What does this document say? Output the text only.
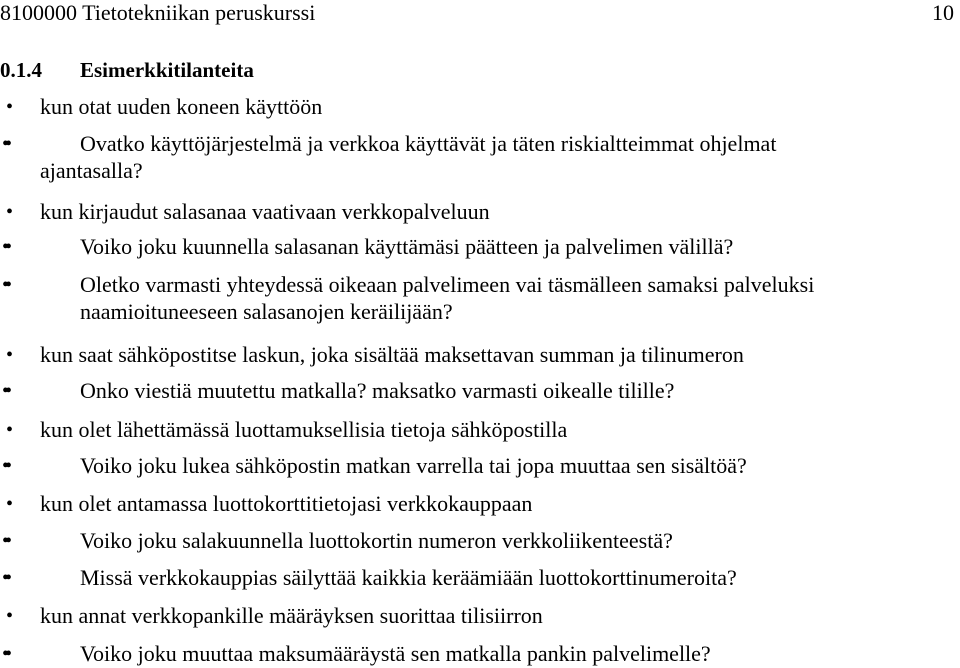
8100000 Tietotekniikan peruskurssi	10
0.1.4 Esimerkkitilanteita
• kun otat uuden koneen käyttöön
••	Ovatko käyttöjärjestelmä ja verkkoa käyttävät ja täten riskialtteimmat ohjelmat
ajantasalla?
• kun kirjaudut salasanaa vaativaan verkkopalveluun
••	Voiko joku kuunnella salasanan käyttämäsi päätteen ja palvelimen välillä?
••	Oletko varmasti yhteydessä oikeaan palvelimeen vai täsmälleen samaksi palveluksi
naamioituneeseen salasanojen keräilijään?
• kun saat sähköpostitse laskun, joka sisältää maksettavan summan ja tilinumeron
••	Onko viestiä muutettu matkalla? maksatko varmasti oikealle tilille?
• kun olet lähettämässä luottamuksellisia tietoja sähköpostilla
••	Voiko joku lukea sähköpostin matkan varrella tai jopa muuttaa sen sisältöä?
• kun olet antamassa luottokorttitietojasi verkkokauppaan
••	Voiko joku salakuunnella luottokortin numeron verkkoliikenteestä?
••	Missä verkkokauppias säilyttää kaikkia keräämiään luottokorttinumeroita?
• kun annat verkkopankille määräyksen suorittaa tilisiirron
••	Voiko joku muuttaa maksumääräystä sen matkalla pankin palvelimelle?
